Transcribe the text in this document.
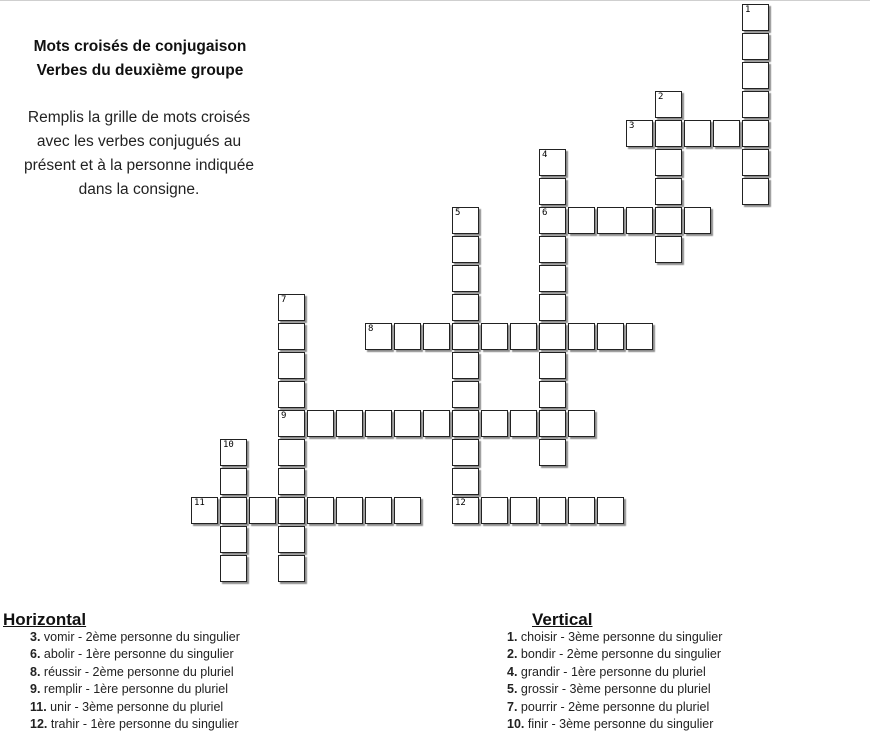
Mots croisés de conjugaison
Verbes du deuxième groupe
Remplis la grille de mots croisés
avec les verbes conjugués au
présent et à la personne indiquée
dans la consigne.
1
2
3
4
6
5
7
9
8
10
11	12
Horizontal
3. vomir - 2ème personne du singulier
6. abolir - 1ère personne du singulier
8. réussir - 2ème personne du pluriel
9. remplir - 1ère personne du pluriel
11. unir - 3ème personne du pluriel
12. trahir - 1ère personne du singulier
Vertical
1. choisir - 3ème personne du singulier
2. bondir - 2ème personne du singulier
4. grandir - 1ère personne du pluriel
5. grossir - 3ème personne du pluriel
7. pourrir - 2ème personne du pluriel
10. finir - 3ème personne du singulier
